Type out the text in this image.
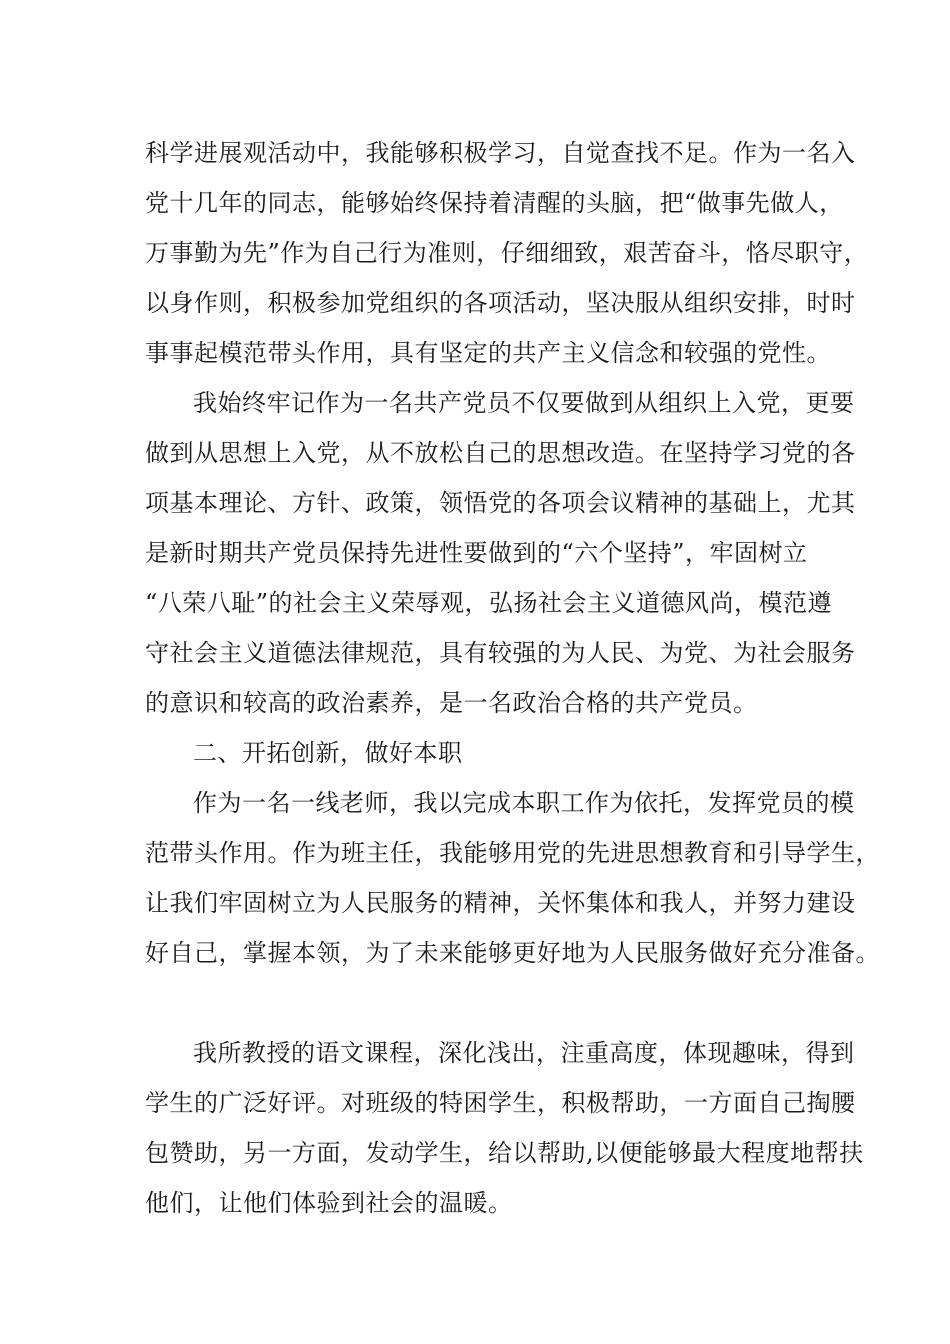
科学进展观活动中，我能够积极学习，自觉查找不足。作为一名入
党十几年的同志，能够始终保持着清醒的头脑，把“做事先做人，
万事勤为先”作为自己行为准则，仔细细致，艰苦奋斗，恪尽职守，
以身作则，积极参加党组织的各项活动，坚决服从组织安排，时时
事事起模范带头作用，具有坚定的共产主义信念和较强的党性。
我始终牢记作为一名共产党员不仅要做到从组织上入党，更要
做到从思想上入党，从不放松自己的思想改造。在坚持学习党的各
项基本理论、方针、政策，领悟党的各项会议精神的基础上，尤其
是新时期共产党员保持先进性要做到的“六个坚持”，牢固树立
“八荣八耻”的社会主义荣辱观，弘扬社会主义道德风尚，模范遵
守社会主义道德法律规范，具有较强的为人民、为党、为社会服务
的意识和较高的政治素养，是一名政治合格的共产党员。
二、开拓创新，做好本职
作为一名一线老师，我以完成本职工作为依托，发挥党员的模
范带头作用。作为班主任，我能够用党的先进思想教育和引导学生，
让我们牢固树立为人民服务的精神，关怀集体和我人，并努力建设
好自己，掌握本领，为了未来能够更好地为人民服务做好充分准备。
我所教授的语文课程，深化浅出，注重高度，体现趣味，得到
学生的广泛好评。对班级的特困学生，积极帮助，一方面自己掏腰
包赞助，另一方面，发动学生，给以帮助,以便能够最大程度地帮扶
他们，让他们体验到社会的温暖。
